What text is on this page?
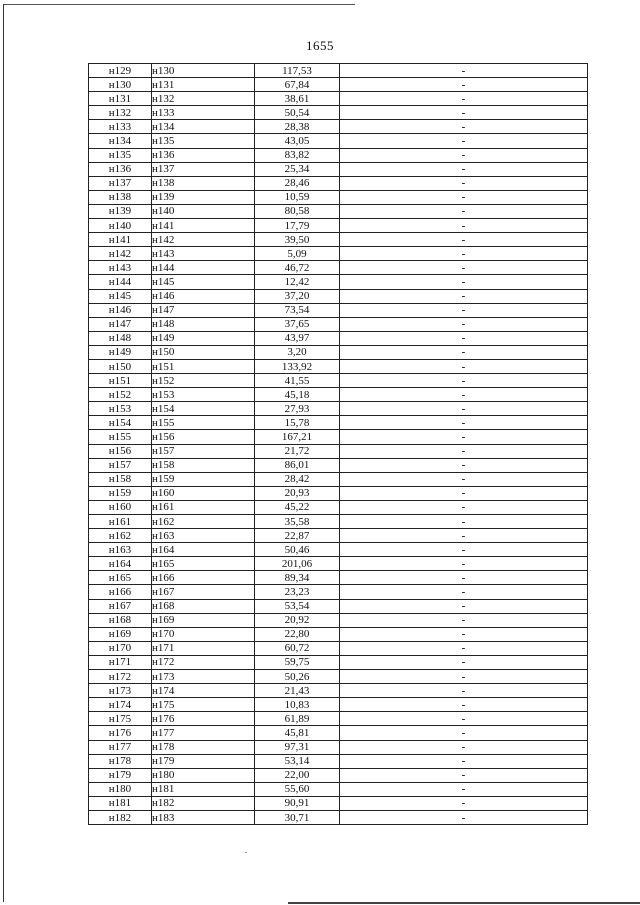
1655
н129	н130	117,53	-
н130	н131	67,84	-
н131	н132	38,61	-
н132	н133	50,54	-
н133	н134	28,38	-
н134	н135	43,05	-
н135	н136	83,82	-
н136	н137	25,34	-
н137	н138	28,46	-
н138	н139	10,59	-
н139	н140	80,58	-
н140	н141	17,79	-
н141	н142	39,50	-
н142	н143	5,09	-
н143	н144	46,72	-
н144	н145	12,42	-
н145	н146	37,20	-
н146	н147	73,54	-
н147	н148	37,65	-
н148	н149	43,97	-
н149	н150	3,20	-
н150	н151	133,92	-
н151	н152	41,55	-
н152	н153	45,18	-
н153	н154	27,93	-
н154	н155	15,78	-
н155	н156	167,21	-
н156	н157	21,72	-
н157	н158	86,01	-
н158	н159	28,42	-
н159	н160	20,93	-
н160	н161	45,22	-
н161	н162	35,58	-
н162	н163	22,87	-
н163	н164	50,46	-
н164	н165	201,06	-
н165	н166	89,34	-
н166	н167	23,23	-
н167	н168	53,54	-
н168	н169	20,92	-
н169	н170	22,80	-
н170	н171	60,72	-
н171	н172	59,75	-
н172	н173	50,26	-
н173	н174	21,43	-
н174	н175	10,83	-
н175	н176	61,89	-
н176	н177	45,81	-
н177	н178	97,31	-
н178	н179	53,14	-
н179	н180	22,00	-
н180	н181	55,60	-
н181	н182	90,91	-
н182	н183	30,71	-
